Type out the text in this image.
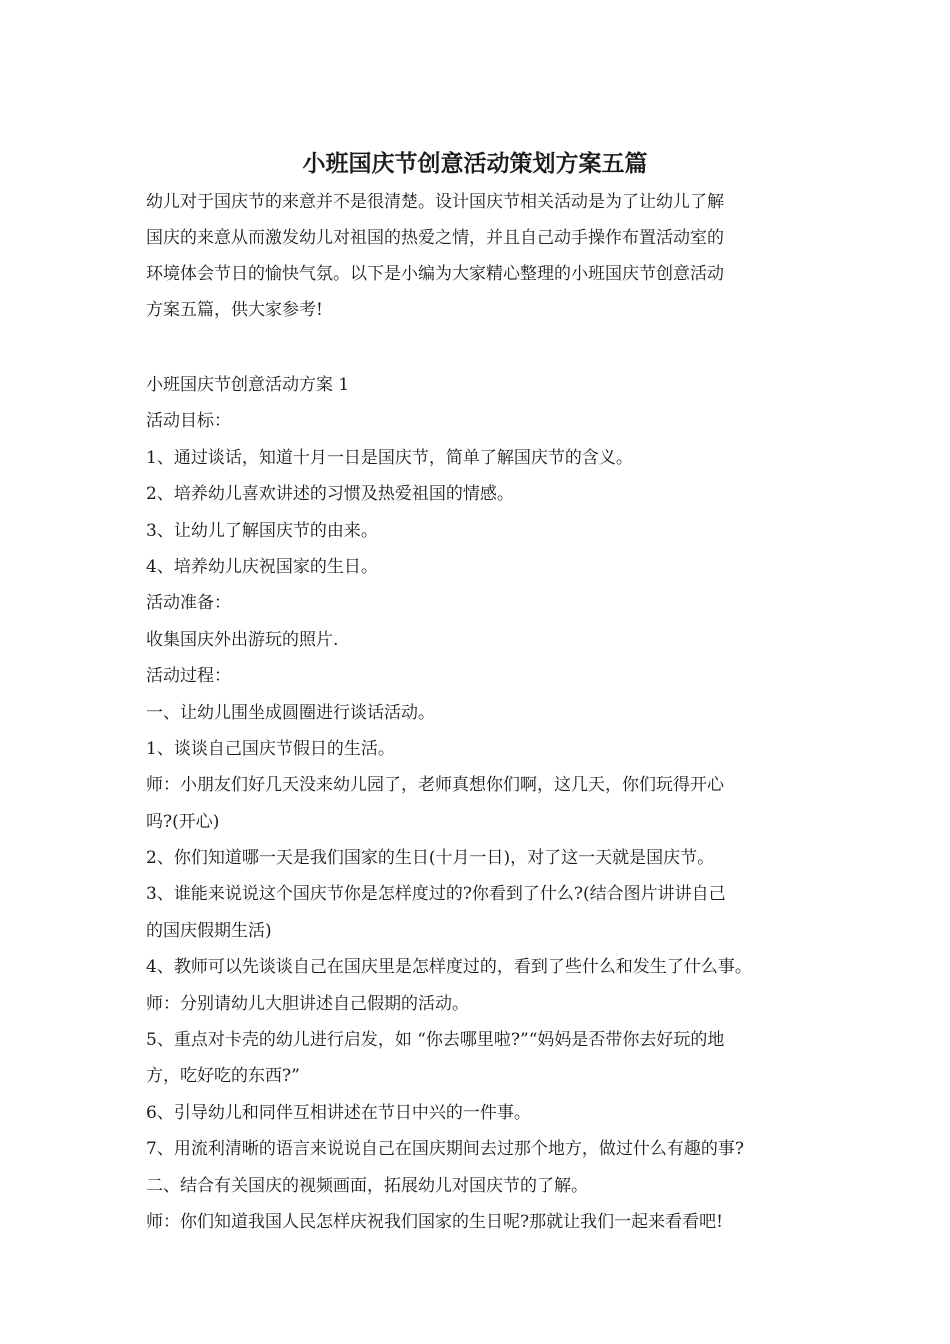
小班国庆节创意活动策划方案五篇

幼儿对于国庆节的来意并不是很清楚。设计国庆节相关活动是为了让幼儿了解

国庆的来意从而激发幼儿对祖国的热爱之情，并且自己动手操作布置活动室的

环境体会节日的愉快气氛。以下是小编为大家精心整理的小班国庆节创意活动

方案五篇，供大家参考!

小班国庆节创意活动方案 1

活动目标：

1、通过谈话，知道十月一日是国庆节，简单了解国庆节的含义。

2、培养幼儿喜欢讲述的习惯及热爱祖国的情感。

3、让幼儿了解国庆节的由来。

4、培养幼儿庆祝国家的生日。

活动准备：

收集国庆外出游玩的照片.

活动过程：

一、让幼儿围坐成圆圈进行谈话活动。

1、谈谈自己国庆节假日的生活。

师：小朋友们好几天没来幼儿园了，老师真想你们啊，这几天，你们玩得开心

吗?(开心)

2、你们知道哪一天是我们国家的生日(十月一日)，对了这一天就是国庆节。

3、谁能来说说这个国庆节你是怎样度过的?你看到了什么?(结合图片讲讲自己

的国庆假期生活)

4、教师可以先谈谈自己在国庆里是怎样度过的，看到了些什么和发生了什么事。

师：分别请幼儿大胆讲述自己假期的活动。

5、重点对卡壳的幼儿进行启发，如 “你去哪里啦?”“妈妈是否带你去好玩的地

方，吃好吃的东西?”

6、引导幼儿和同伴互相讲述在节日中兴的一件事。

7、用流利清晰的语言来说说自己在国庆期间去过那个地方，做过什么有趣的事?

二、结合有关国庆的视频画面，拓展幼儿对国庆节的了解。

师：你们知道我国人民怎样庆祝我们国家的生日呢?那就让我们一起来看看吧!
